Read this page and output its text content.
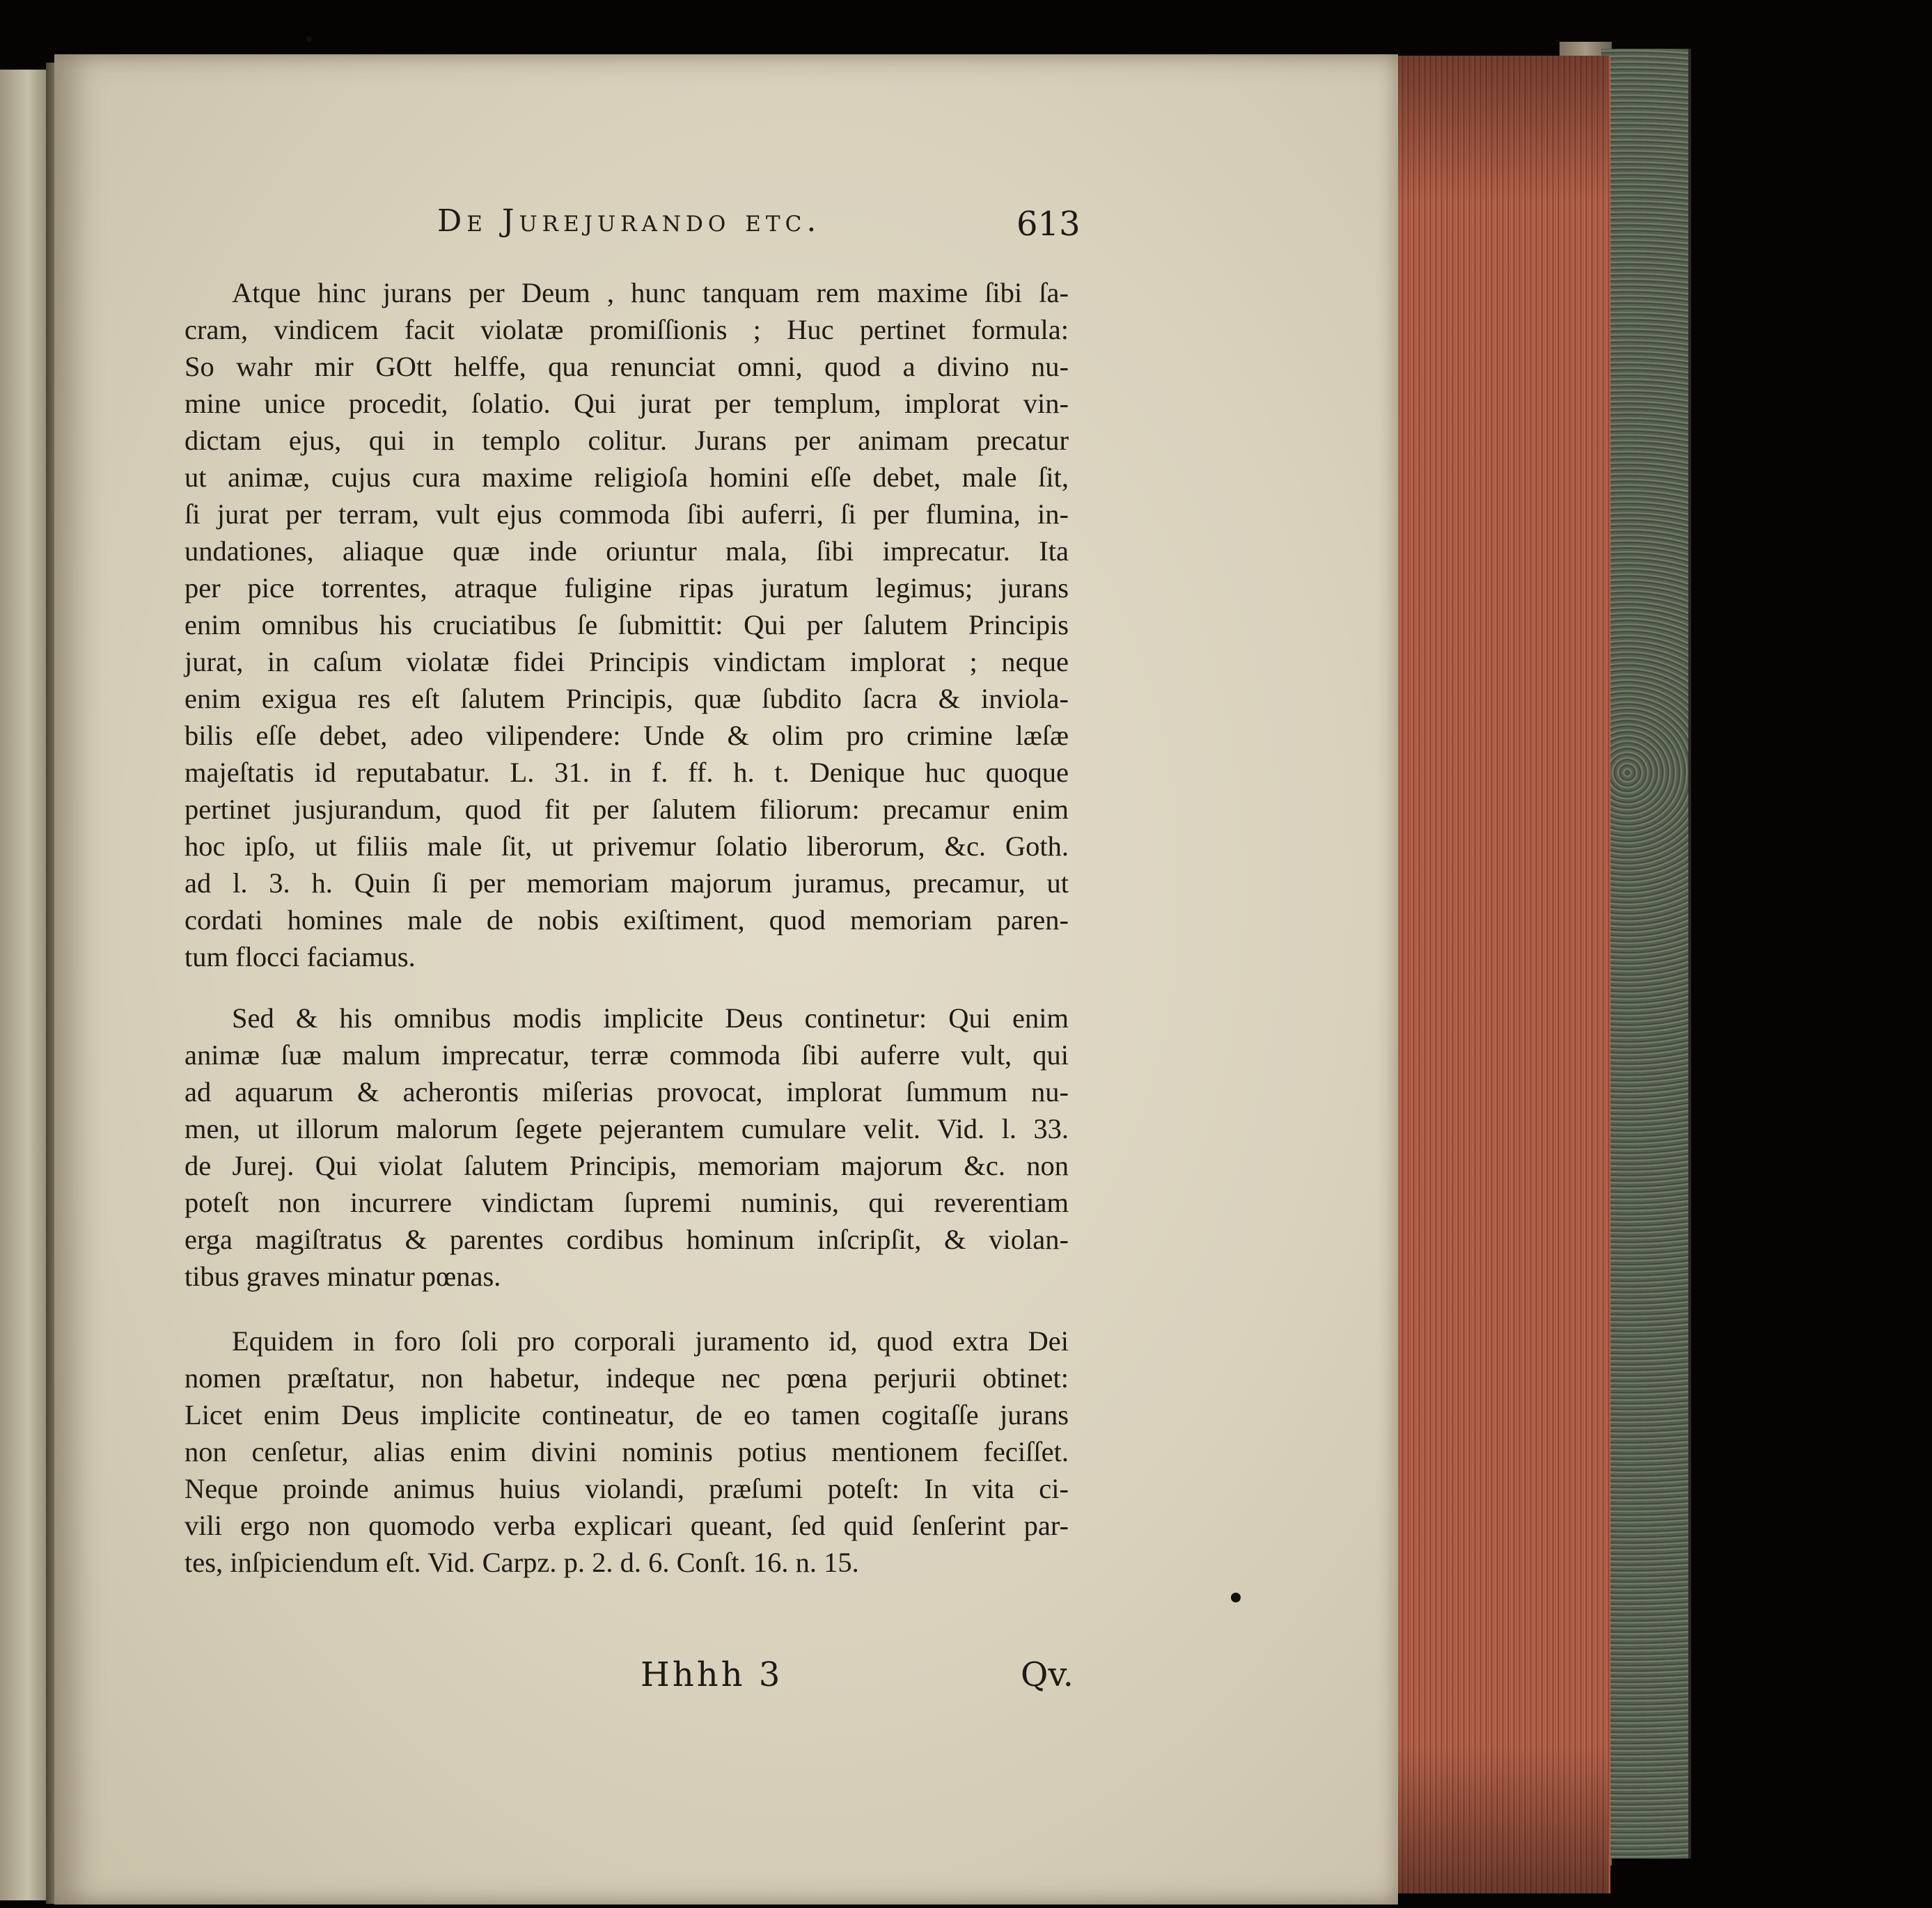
De Jurejurando etc.	613
Atque hinc jurans per Deum , hunc tanquam rem maxime ſibi ſa-
cram, vindicem facit violatæ promiſſionis ; Huc pertinet formula:
So wahr mir GOtt helffe, qua renunciat omni, quod a divino nu-
mine unice procedit, ſolatio. Qui jurat per templum, implorat vin-
dictam ejus, qui in templo colitur. Jurans per animam precatur
ut animæ, cujus cura maxime religioſa homini eſſe debet, male ſit,
ſi jurat per terram, vult ejus commoda ſibi auferri, ſi per flumina, in-
undationes, aliaque quæ inde oriuntur mala, ſibi imprecatur. Ita
per pice torrentes, atraque fuligine ripas juratum legimus; jurans
enim omnibus his cruciatibus ſe ſubmittit: Qui per ſalutem Principis
jurat, in caſum violatæ fidei Principis vindictam implorat ; neque
enim exigua res eſt ſalutem Principis, quæ ſubdito ſacra & inviola-
bilis eſſe debet, adeo vilipendere: Unde & olim pro crimine læſæ
majeſtatis id reputabatur. L. 31. in f. ff. h. t. Denique huc quoque
pertinet jusjurandum, quod fit per ſalutem filiorum: precamur enim
hoc ipſo, ut filiis male ſit, ut privemur ſolatio liberorum, &c. Goth.
ad l. 3. h. Quin ſi per memoriam majorum juramus, precamur, ut
cordati homines male de nobis exiſtiment, quod memoriam paren-
tum flocci faciamus.
Sed & his omnibus modis implicite Deus continetur: Qui enim
animæ ſuæ malum imprecatur, terræ commoda ſibi auferre vult, qui
ad aquarum & acherontis miſerias provocat, implorat ſummum nu-
men, ut illorum malorum ſegete pejerantem cumulare velit. Vid. l. 33.
de Jurej. Qui violat ſalutem Principis, memoriam majorum &c. non
poteſt non incurrere vindictam ſupremi numinis, qui reverentiam
erga magiſtratus & parentes cordibus hominum inſcripſit, & violan-
tibus graves minatur pœnas.
Equidem in foro ſoli pro corporali juramento id, quod extra Dei
nomen præſtatur, non habetur, indeque nec pœna perjurii obtinet:
Licet enim Deus implicite contineatur, de eo tamen cogitaſſe jurans
non cenſetur, alias enim divini nominis potius mentionem feciſſet.
Neque proinde animus huius violandi, præſumi poteſt: In vita ci-
vili ergo non quomodo verba explicari queant, ſed quid ſenſerint par-
tes, inſpiciendum eſt. Vid. Carpz. p. 2. d. 6. Conſt. 16. n. 15.
Hhhh 3	Qv.
